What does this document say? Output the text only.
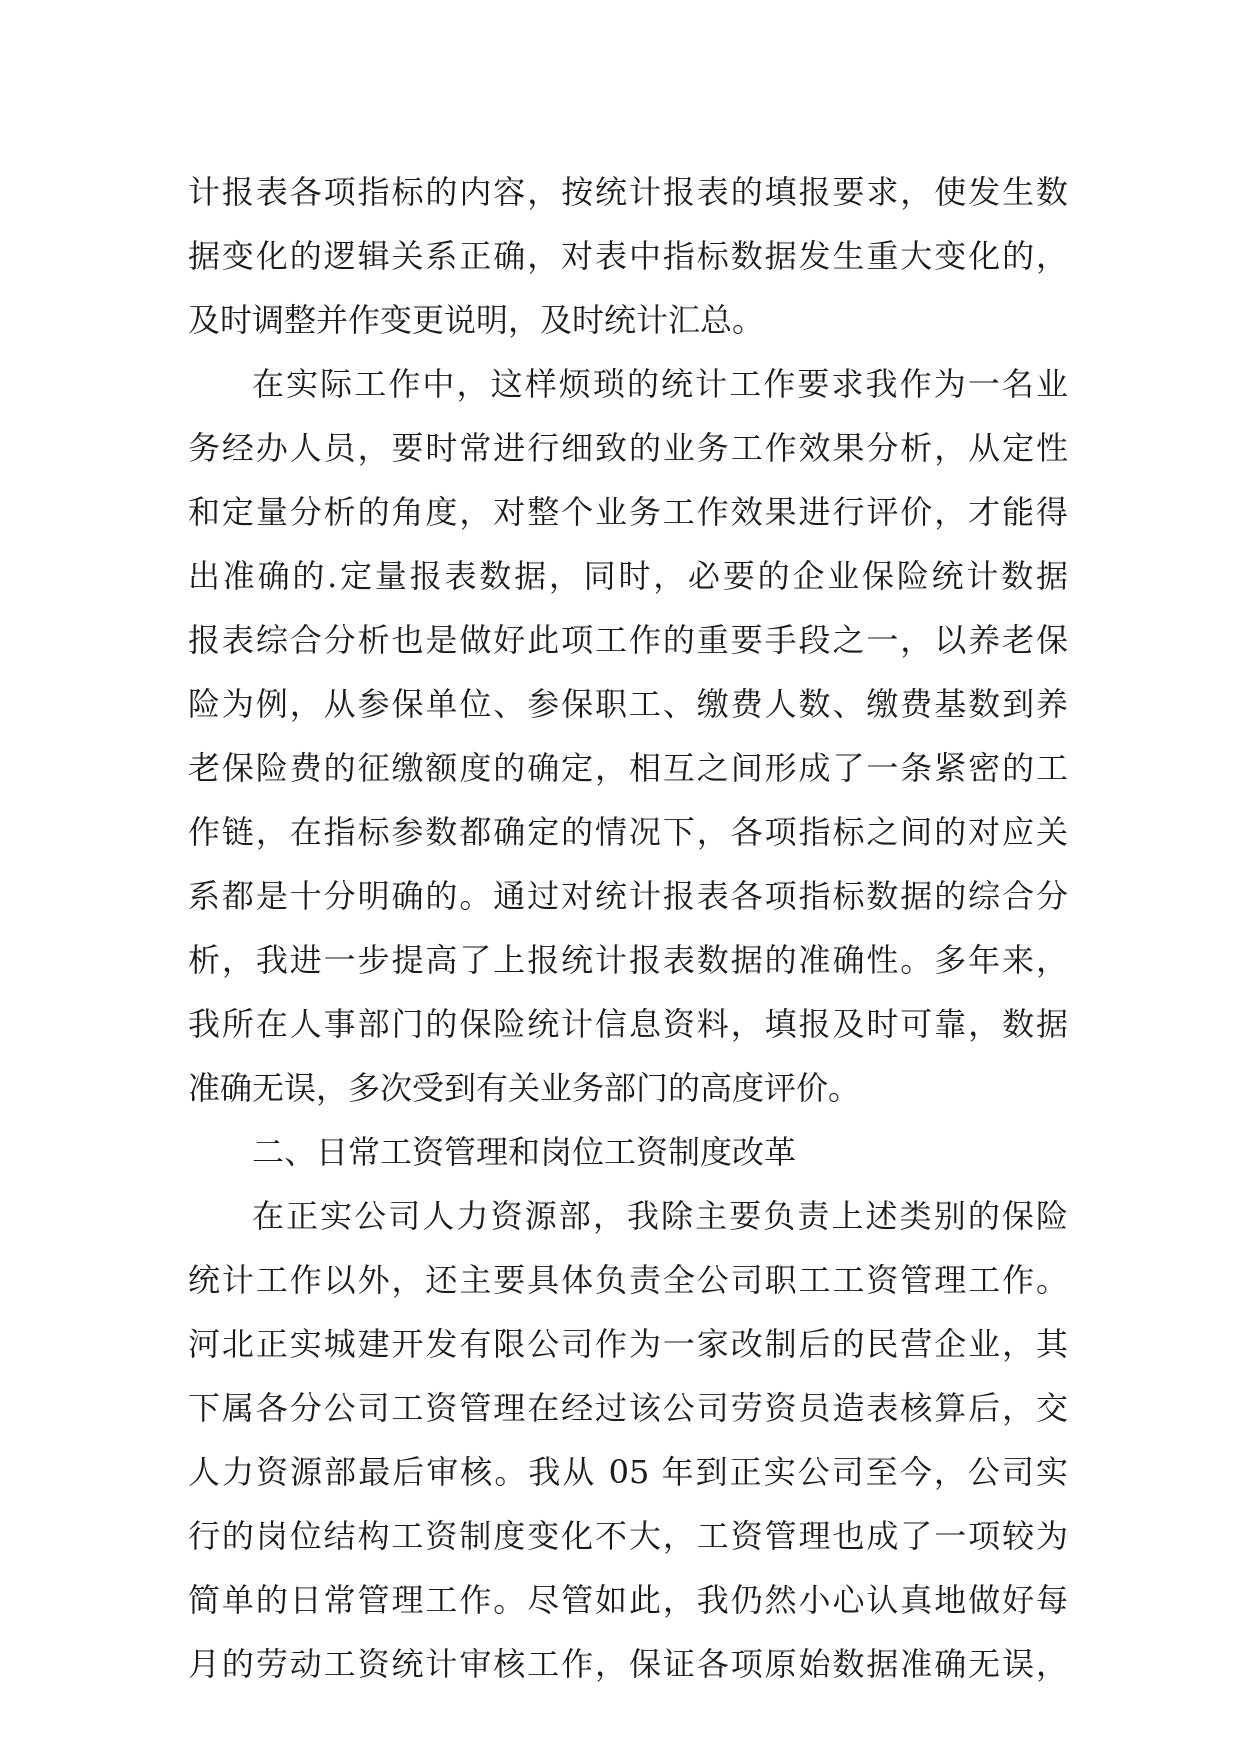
计报表各项指标的内容，按统计报表的填报要求，使发生数
据变化的逻辑关系正确，对表中指标数据发生重大变化的，
及时调整并作变更说明，及时统计汇总。
在实际工作中，这样烦琐的统计工作要求我作为一名业
务经办人员，要时常进行细致的业务工作效果分析，从定性
和定量分析的角度，对整个业务工作效果进行评价，才能得
出准确的.定量报表数据，同时，必要的企业保险统计数据
报表综合分析也是做好此项工作的重要手段之一，以养老保
险为例，从参保单位、参保职工、缴费人数、缴费基数到养
老保险费的征缴额度的确定，相互之间形成了一条紧密的工
作链，在指标参数都确定的情况下，各项指标之间的对应关
系都是十分明确的。通过对统计报表各项指标数据的综合分
析，我进一步提高了上报统计报表数据的准确性。多年来，
我所在人事部门的保险统计信息资料，填报及时可靠，数据
准确无误，多次受到有关业务部门的高度评价。
二、日常工资管理和岗位工资制度改革
在正实公司人力资源部，我除主要负责上述类别的保险
统计工作以外，还主要具体负责全公司职工工资管理工作。
河北正实城建开发有限公司作为一家改制后的民营企业，其
下属各分公司工资管理在经过该公司劳资员造表核算后，交
人力资源部最后审核。我从 05 年到正实公司至今，公司实
行的岗位结构工资制度变化不大，工资管理也成了一项较为
简单的日常管理工作。尽管如此，我仍然小心认真地做好每
月的劳动工资统计审核工作，保证各项原始数据准确无误，
